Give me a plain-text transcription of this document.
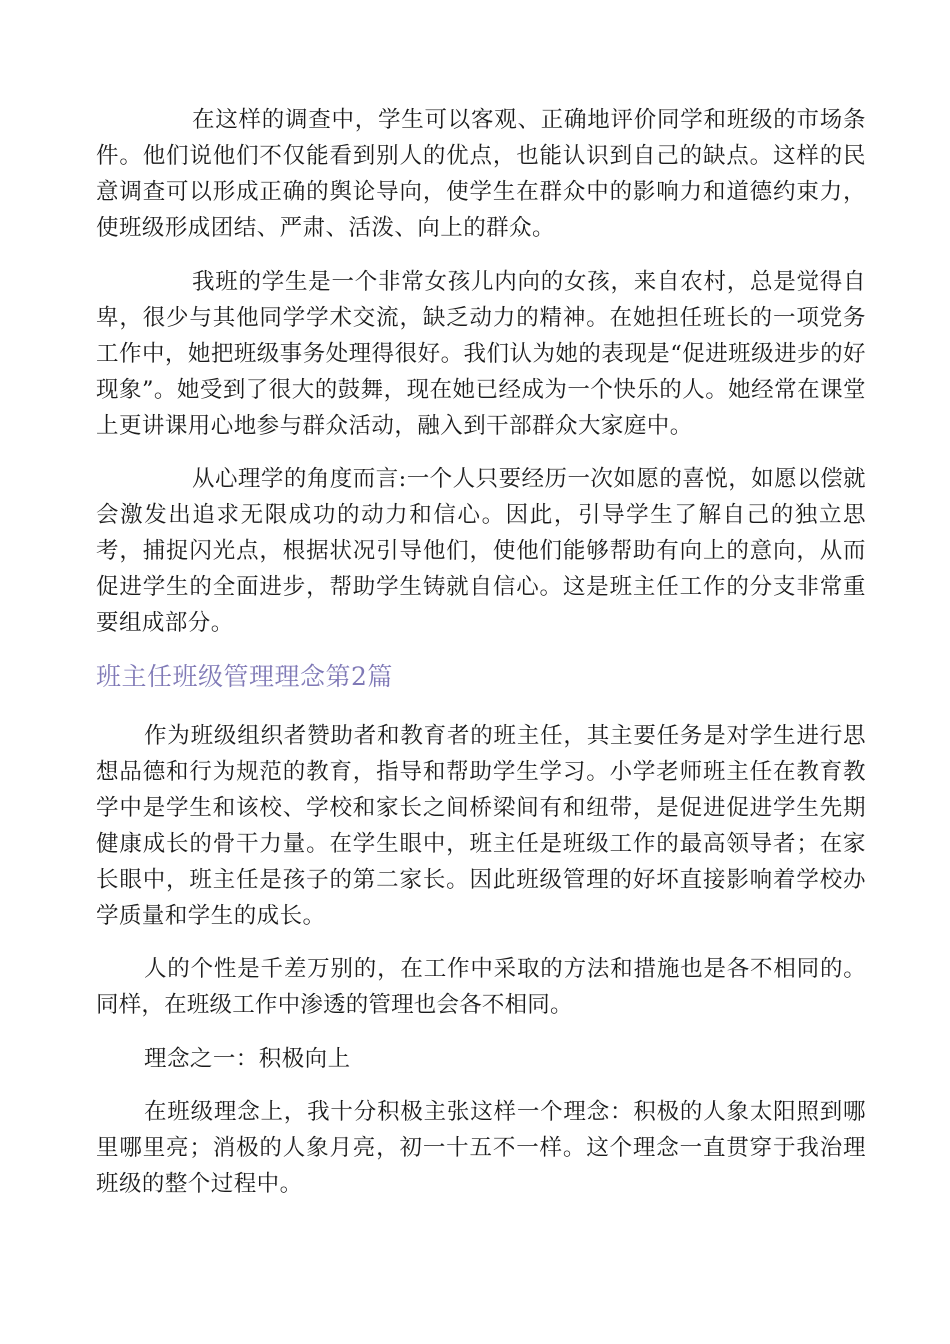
在这样的调查中，学生可以客观、正确地评价同学和班级的市场条件。他们说他们不仅能看到别人的优点，也能认识到自己的缺点。这样的民意调查可以形成正确的舆论导向，使学生在群众中的影响力和道德约束力，使班级形成团结、严肃、活泼、向上的群众。

我班的学生是一个非常女孩儿内向的女孩，来自农村，总是觉得自卑，很少与其他同学学术交流，缺乏动力的精神。在她担任班长的一项党务工作中，她把班级事务处理得很好。我们认为她的表现是“促进班级进步的好现象”。她受到了很大的鼓舞，现在她已经成为一个快乐的人。她经常在课堂上更讲课用心地参与群众活动，融入到干部群众大家庭中。

从心理学的角度而言:一个人只要经历一次如愿的喜悦，如愿以偿就会激发出追求无限成功的动力和信心。因此，引导学生了解自己的独立思考，捕捉闪光点，根据状况引导他们，使他们能够帮助有向上的意向，从而促进学生的全面进步，帮助学生铸就自信心。这是班主任工作的分支非常重要组成部分。

班主任班级管理理念第2篇

作为班级组织者赞助者和教育者的班主任，其主要任务是对学生进行思想品德和行为规范的教育，指导和帮助学生学习。小学老师班主任在教育教学中是学生和该校、学校和家长之间桥梁间有和纽带，是促进促进学生先期健康成长的骨干力量。在学生眼中，班主任是班级工作的最高领导者；在家长眼中，班主任是孩子的第二家长。因此班级管理的好坏直接影响着学校办学质量和学生的成长。

人的个性是千差万别的，在工作中采取的方法和措施也是各不相同的。同样，在班级工作中渗透的管理也会各不相同。

理念之一：积极向上

在班级理念上，我十分积极主张这样一个理念：积极的人象太阳照到哪里哪里亮；消极的人象月亮，初一十五不一样。这个理念一直贯穿于我治理班级的整个过程中。
